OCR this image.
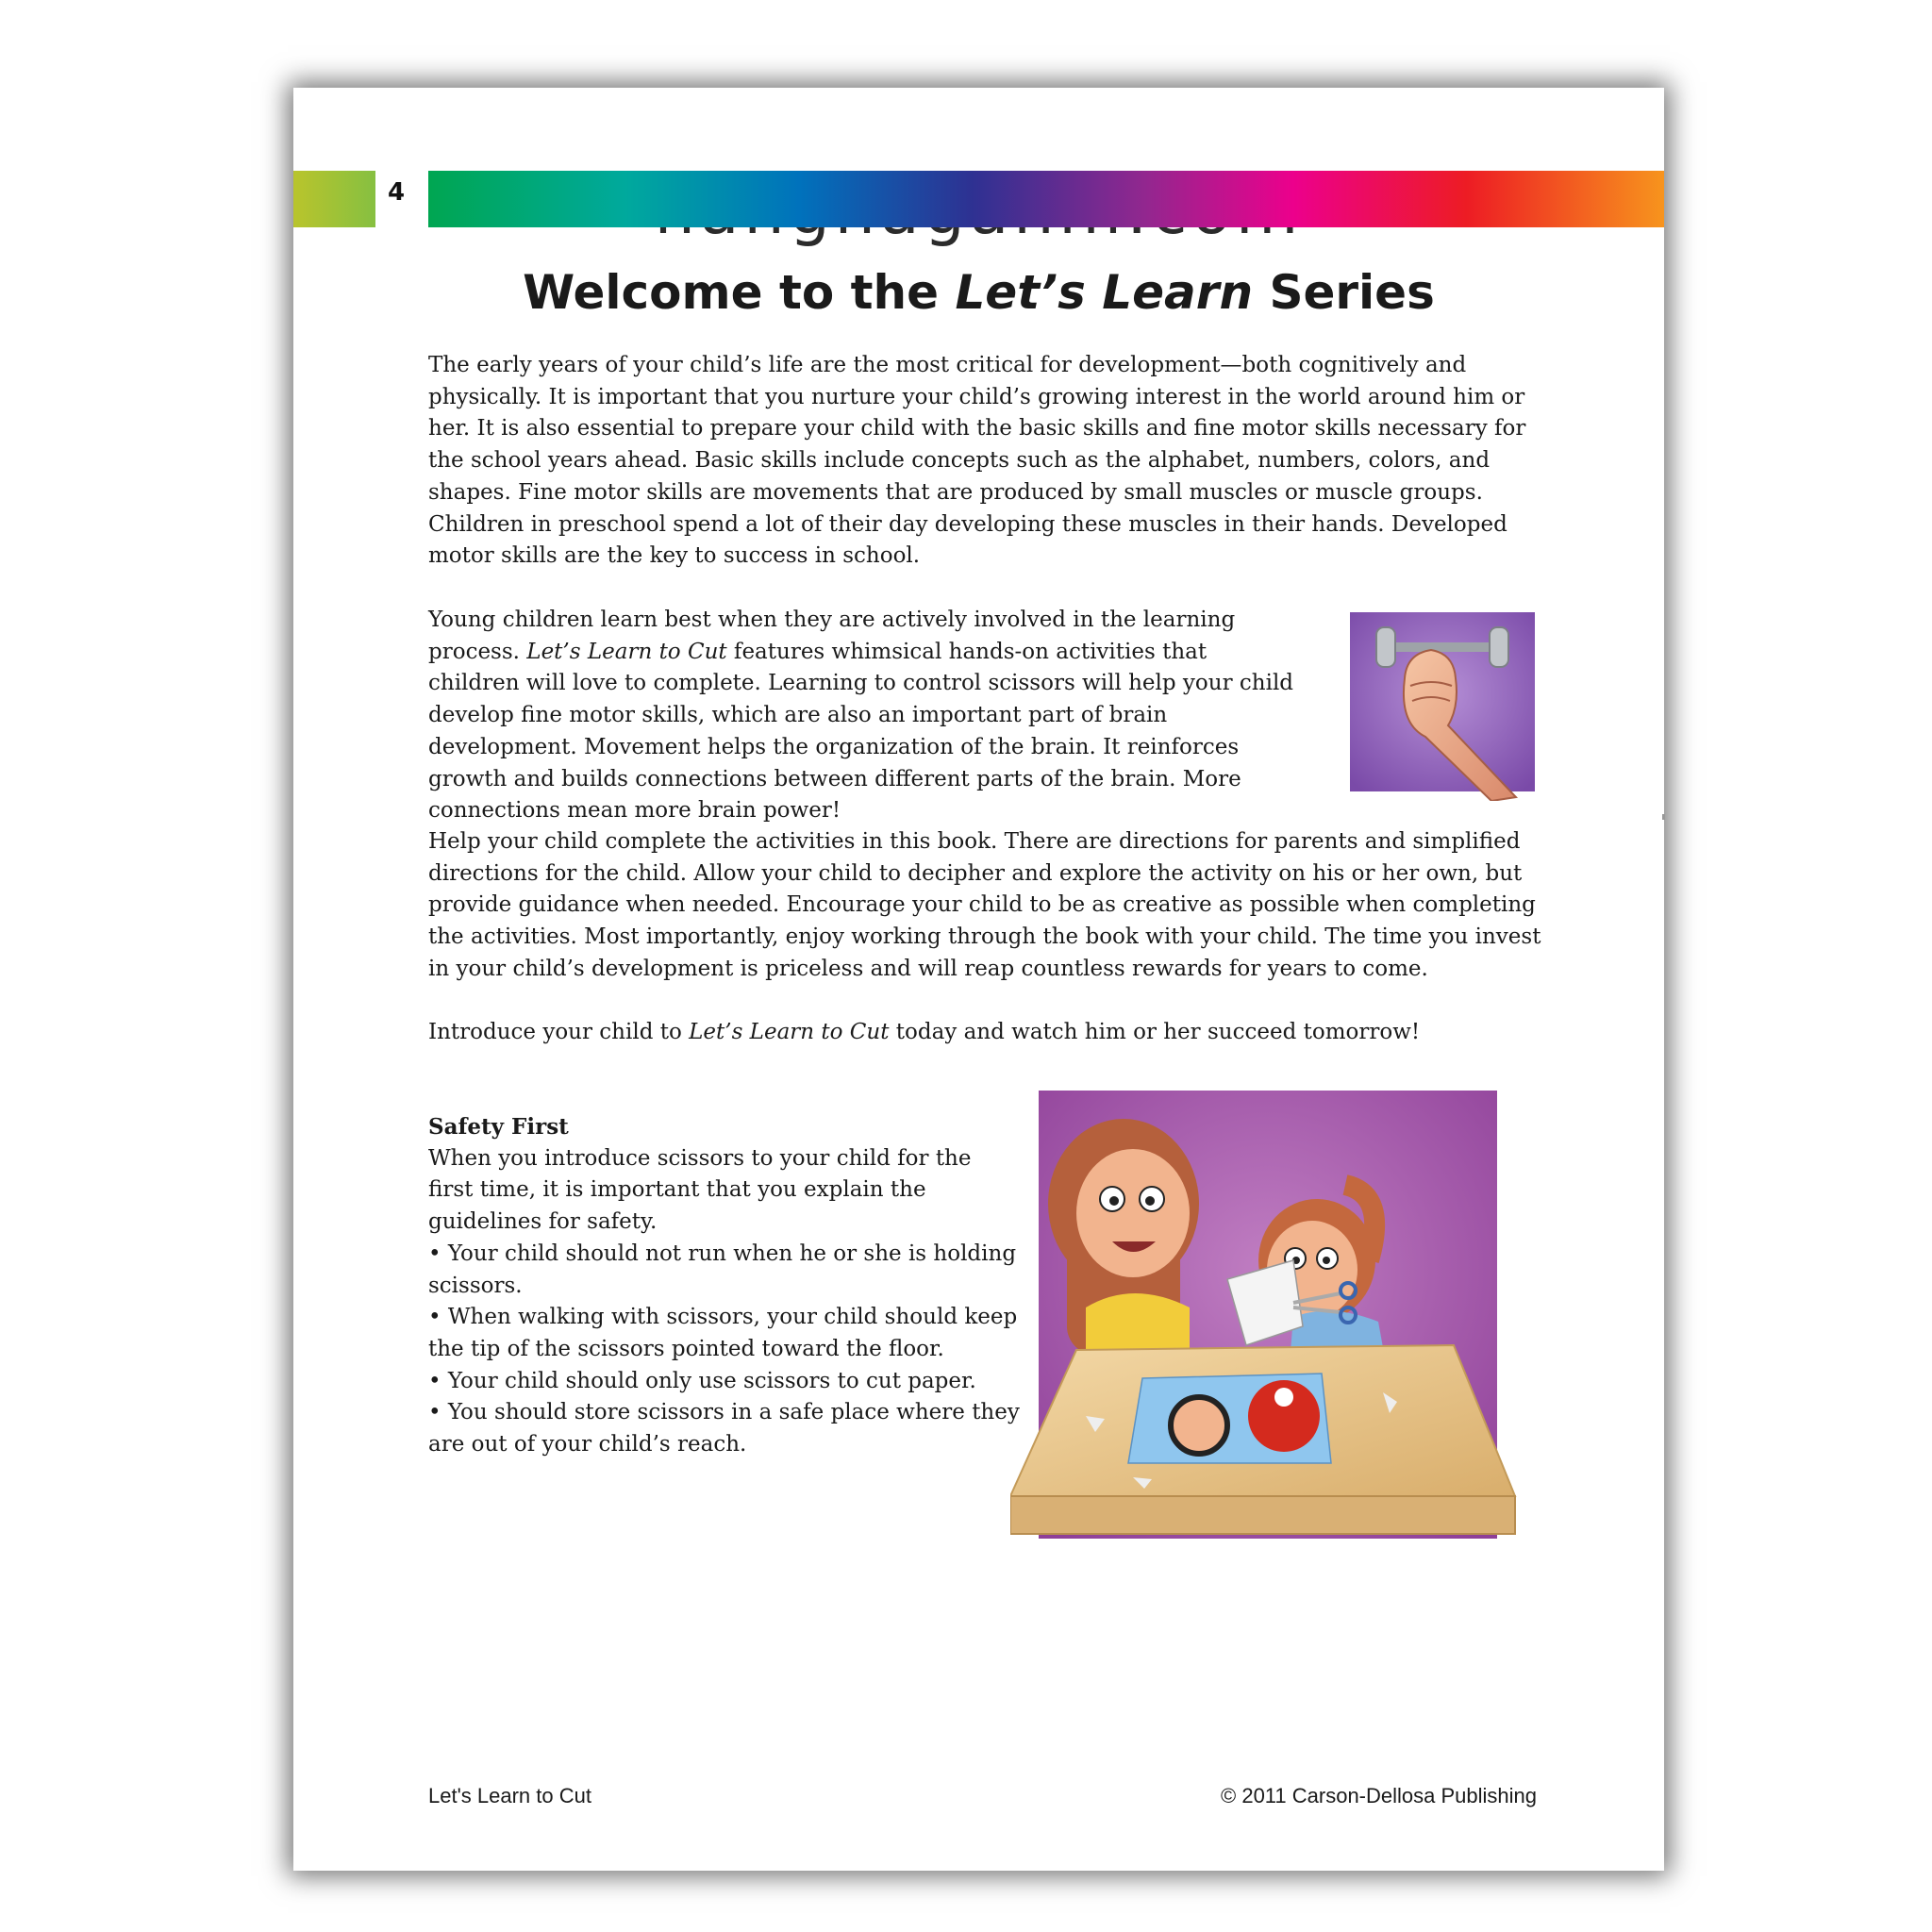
4
Welcome to the Let’s Learn Series

The early years of your child’s life are the most critical for development—both cognitively and physically. It is important that you nurture your child’s growing interest in the world around him or her. It is also essential to prepare your child with the basic skills and fine motor skills necessary for the school years ahead. Basic skills include concepts such as the alphabet, numbers, colors, and shapes. Fine motor skills are movements that are produced by small muscles or muscle groups. Children in preschool spend a lot of their day developing these muscles in their hands. Developed motor skills are the key to success in school.

Young children learn best when they are actively involved in the learning process. Let’s Learn to Cut features whimsical hands-on activities that children will love to complete. Learning to control scissors will help your child develop fine motor skills, which are also an important part of brain development. Movement helps the organization of the brain. It reinforces growth and builds connections between different parts of the brain. More connections mean more brain power!

Help your child complete the activities in this book. There are directions for parents and simplified directions for the child. Allow your child to decipher and explore the activity on his or her own, but provide guidance when needed. Encourage your child to be as creative as possible when completing the activities. Most importantly, enjoy working through the book with your child. The time you invest in your child’s development is priceless and will reap countless rewards for years to come.

Introduce your child to Let’s Learn to Cut today and watch him or her succeed tomorrow!

Safety First

When you introduce scissors to your child for the first time, it is important that you explain the guidelines for safety.

• Your child should not run when he or she is holding scissors.

• When walking with scissors, your child should keep the tip of the scissors pointed toward the floor.

• Your child should only use scissors to cut paper.

• You should store scissors in a safe place where they are out of your child’s reach.

Let's Learn to Cut	© 2011 Carson-Dellosa Publishing
